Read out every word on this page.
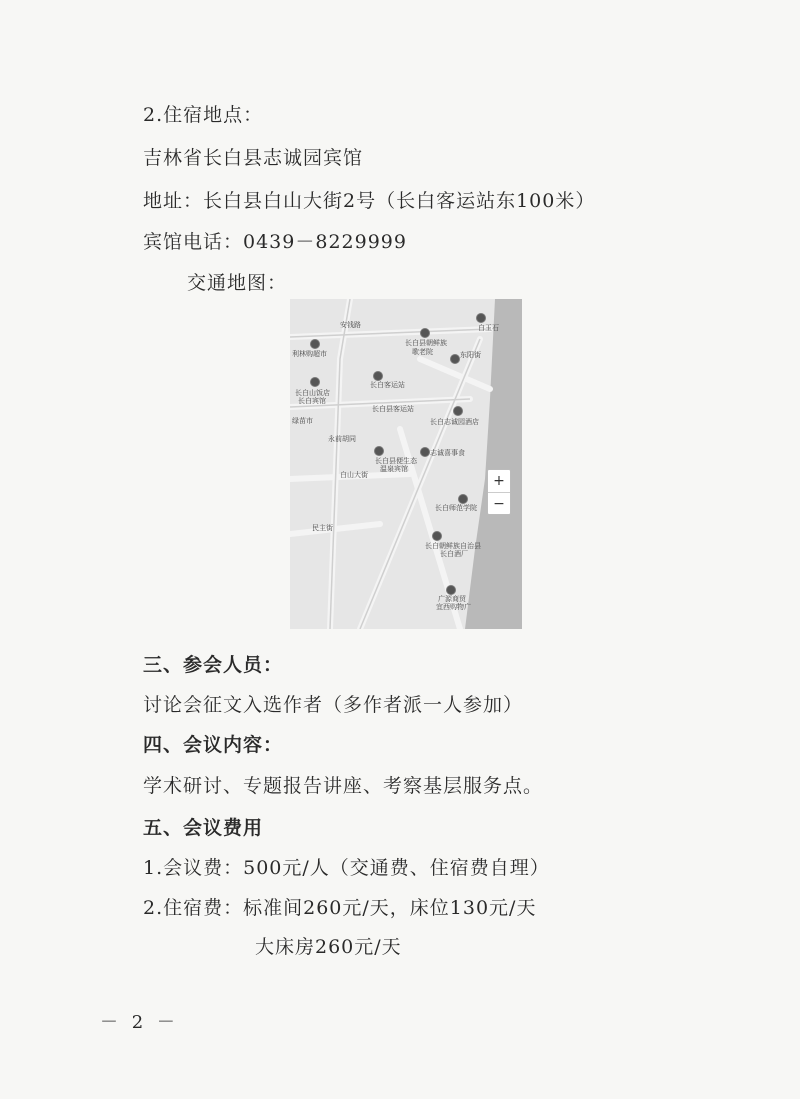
2.住宿地点：
吉林省长白县志诚园宾馆
地址：长白县白山大街2号（长白客运站东100米）
宾馆电话：0439－8229999
交通地图：
安钱路	白玉石
利林购超市
长白县朝鲜族
歌老院	东阳街
长白客运站
长白山饭店
长白宾馆
长白县客运站
绿苗市	长白志诚园酒店
永前胡同
长白县便生态
温泉宾馆
志诚喜事食
白山大街
长白师范学院
民主街
长白朝鲜族自治县
长白酒厂
广源商贸
宜西购物广
+
−
三、参会人员：
讨论会征文入选作者（多作者派一人参加）
四、会议内容：
学术研讨、专题报告讲座、考察基层服务点。
五、会议费用
1.会议费：500元/人（交通费、住宿费自理）
2.住宿费：标准间260元/天，床位130元/天
大床房260元/天
－ 2 －
